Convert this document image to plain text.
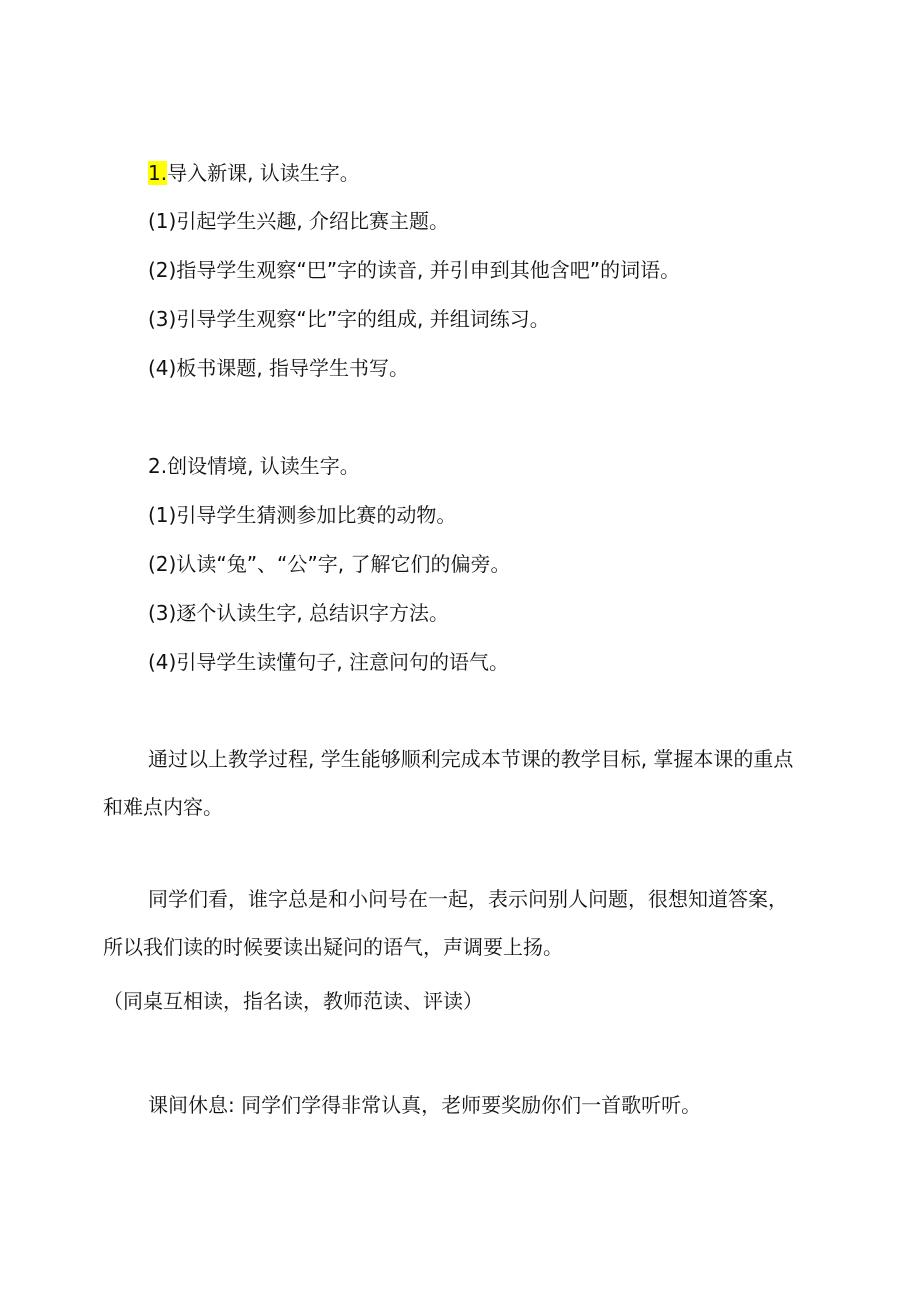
1.导入新课, 认读生字。

(1)引起学生兴趣, 介绍比赛主题。

(2)指导学生观察“巴”字的读音, 并引申到其他含吧”的词语。

(3)引导学生观察“比”字的组成, 并组词练习。

(4)板书课题, 指导学生书写。

2.创设情境, 认读生字。

(1)引导学生猜测参加比赛的动物。

(2)认读“兔”、“公”字, 了解它们的偏旁。

(3)逐个认读生字, 总结识字方法。

(4)引导学生读懂句子, 注意问句的语气。

通过以上教学过程, 学生能够顺利完成本节课的教学目标, 掌握本课的重点和难点内容。

同学们看，谁字总是和小问号在一起，表示问别人问题，很想知道答案，所以我们读的时候要读出疑问的语气，声调要上扬。

（同桌互相读，指名读，教师范读、评读）

课间休息: 同学们学得非常认真，老师要奖励你们一首歌听听。
